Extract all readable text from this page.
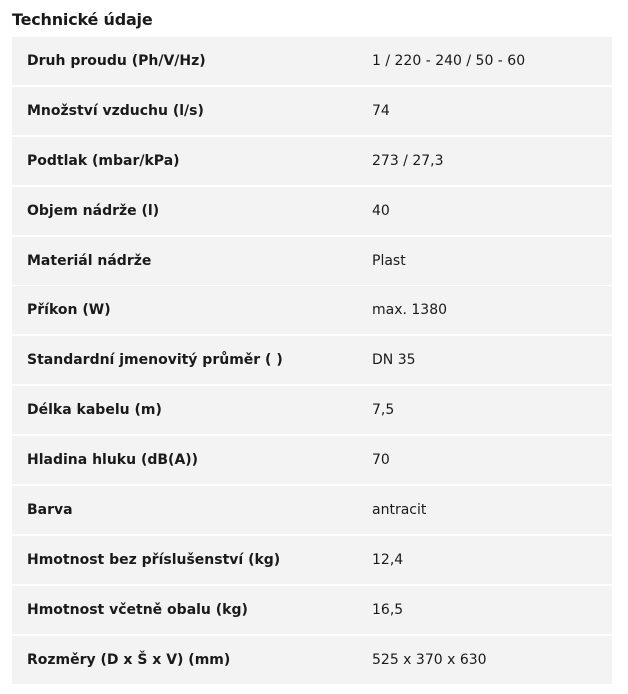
Technické údaje
Druh proudu (Ph/V/Hz)	1 / 220 - 240 / 50 - 60
Množství vzduchu (l/s)	74
Podtlak (mbar/kPa)	273 / 27,3
Objem nádrže (l)	40
Materiál nádrže	Plast
Příkon (W)	max. 1380
Standardní jmenovitý průměr ( )	DN 35
Délka kabelu (m)	7,5
Hladina hluku (dB(A))	70
Barva	antracit
Hmotnost bez příslušenství (kg)	12,4
Hmotnost včetně obalu (kg)	16,5
Rozměry (D x Š x V) (mm)	525 x 370 x 630
